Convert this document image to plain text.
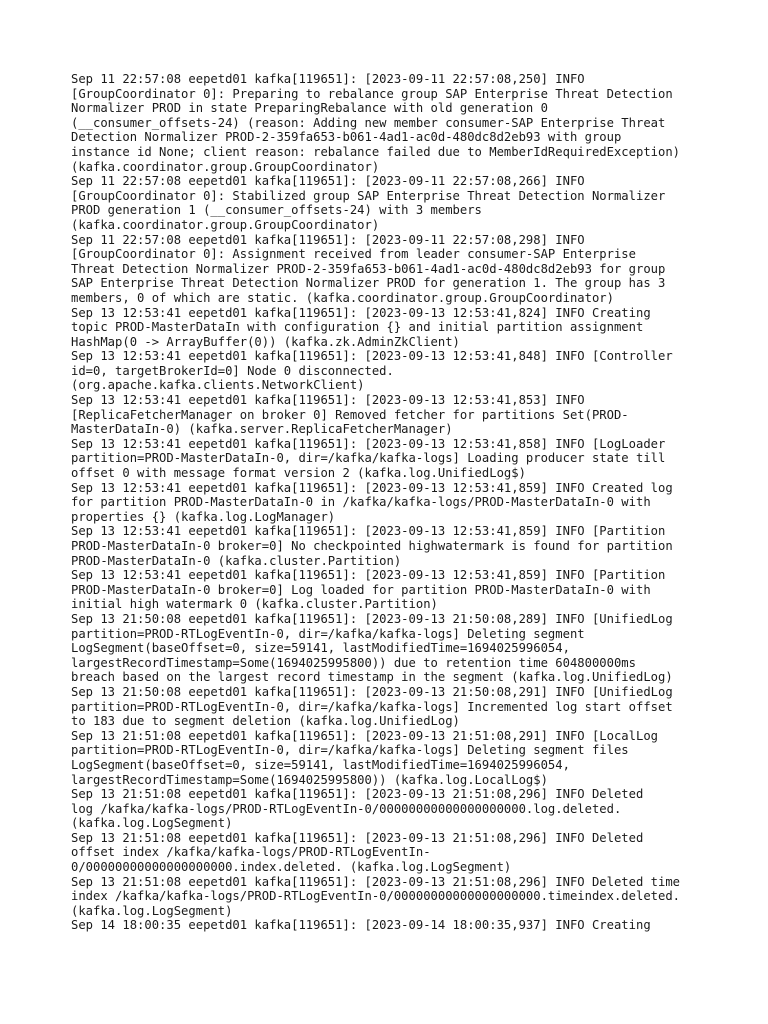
Sep 11 22:57:08 eepetd01 kafka[119651]: [2023-09-11 22:57:08,250] INFO

[GroupCoordinator 0]: Preparing to rebalance group SAP Enterprise Threat Detection

Normalizer PROD in state PreparingRebalance with old generation 0

(__consumer_offsets-24) (reason: Adding new member consumer-SAP Enterprise Threat

Detection Normalizer PROD-2-359fa653-b061-4ad1-ac0d-480dc8d2eb93 with group

instance id None; client reason: rebalance failed due to MemberIdRequiredException)

(kafka.coordinator.group.GroupCoordinator)

Sep 11 22:57:08 eepetd01 kafka[119651]: [2023-09-11 22:57:08,266] INFO

[GroupCoordinator 0]: Stabilized group SAP Enterprise Threat Detection Normalizer

PROD generation 1 (__consumer_offsets-24) with 3 members

(kafka.coordinator.group.GroupCoordinator)

Sep 11 22:57:08 eepetd01 kafka[119651]: [2023-09-11 22:57:08,298] INFO

[GroupCoordinator 0]: Assignment received from leader consumer-SAP Enterprise

Threat Detection Normalizer PROD-2-359fa653-b061-4ad1-ac0d-480dc8d2eb93 for group

SAP Enterprise Threat Detection Normalizer PROD for generation 1. The group has 3

members, 0 of which are static. (kafka.coordinator.group.GroupCoordinator)

Sep 13 12:53:41 eepetd01 kafka[119651]: [2023-09-13 12:53:41,824] INFO Creating

topic PROD-MasterDataIn with configuration {} and initial partition assignment

HashMap(0 -> ArrayBuffer(0)) (kafka.zk.AdminZkClient)

Sep 13 12:53:41 eepetd01 kafka[119651]: [2023-09-13 12:53:41,848] INFO [Controller

id=0, targetBrokerId=0] Node 0 disconnected.

(org.apache.kafka.clients.NetworkClient)

Sep 13 12:53:41 eepetd01 kafka[119651]: [2023-09-13 12:53:41,853] INFO

[ReplicaFetcherManager on broker 0] Removed fetcher for partitions Set(PROD-

MasterDataIn-0) (kafka.server.ReplicaFetcherManager)

Sep 13 12:53:41 eepetd01 kafka[119651]: [2023-09-13 12:53:41,858] INFO [LogLoader

partition=PROD-MasterDataIn-0, dir=/kafka/kafka-logs] Loading producer state till

offset 0 with message format version 2 (kafka.log.UnifiedLog$)

Sep 13 12:53:41 eepetd01 kafka[119651]: [2023-09-13 12:53:41,859] INFO Created log

for partition PROD-MasterDataIn-0 in /kafka/kafka-logs/PROD-MasterDataIn-0 with

properties {} (kafka.log.LogManager)

Sep 13 12:53:41 eepetd01 kafka[119651]: [2023-09-13 12:53:41,859] INFO [Partition

PROD-MasterDataIn-0 broker=0] No checkpointed highwatermark is found for partition

PROD-MasterDataIn-0 (kafka.cluster.Partition)

Sep 13 12:53:41 eepetd01 kafka[119651]: [2023-09-13 12:53:41,859] INFO [Partition

PROD-MasterDataIn-0 broker=0] Log loaded for partition PROD-MasterDataIn-0 with

initial high watermark 0 (kafka.cluster.Partition)

Sep 13 21:50:08 eepetd01 kafka[119651]: [2023-09-13 21:50:08,289] INFO [UnifiedLog

partition=PROD-RTLogEventIn-0, dir=/kafka/kafka-logs] Deleting segment

LogSegment(baseOffset=0, size=59141, lastModifiedTime=1694025996054,

largestRecordTimestamp=Some(1694025995800)) due to retention time 604800000ms

breach based on the largest record timestamp in the segment (kafka.log.UnifiedLog)

Sep 13 21:50:08 eepetd01 kafka[119651]: [2023-09-13 21:50:08,291] INFO [UnifiedLog

partition=PROD-RTLogEventIn-0, dir=/kafka/kafka-logs] Incremented log start offset

to 183 due to segment deletion (kafka.log.UnifiedLog)

Sep 13 21:51:08 eepetd01 kafka[119651]: [2023-09-13 21:51:08,291] INFO [LocalLog

partition=PROD-RTLogEventIn-0, dir=/kafka/kafka-logs] Deleting segment files

LogSegment(baseOffset=0, size=59141, lastModifiedTime=1694025996054,

largestRecordTimestamp=Some(1694025995800)) (kafka.log.LocalLog$)

Sep 13 21:51:08 eepetd01 kafka[119651]: [2023-09-13 21:51:08,296] INFO Deleted

log /kafka/kafka-logs/PROD-RTLogEventIn-0/00000000000000000000.log.deleted.

(kafka.log.LogSegment)

Sep 13 21:51:08 eepetd01 kafka[119651]: [2023-09-13 21:51:08,296] INFO Deleted

offset index /kafka/kafka-logs/PROD-RTLogEventIn-

0/00000000000000000000.index.deleted. (kafka.log.LogSegment)

Sep 13 21:51:08 eepetd01 kafka[119651]: [2023-09-13 21:51:08,296] INFO Deleted time

index /kafka/kafka-logs/PROD-RTLogEventIn-0/00000000000000000000.timeindex.deleted.

(kafka.log.LogSegment)

Sep 14 18:00:35 eepetd01 kafka[119651]: [2023-09-14 18:00:35,937] INFO Creating
